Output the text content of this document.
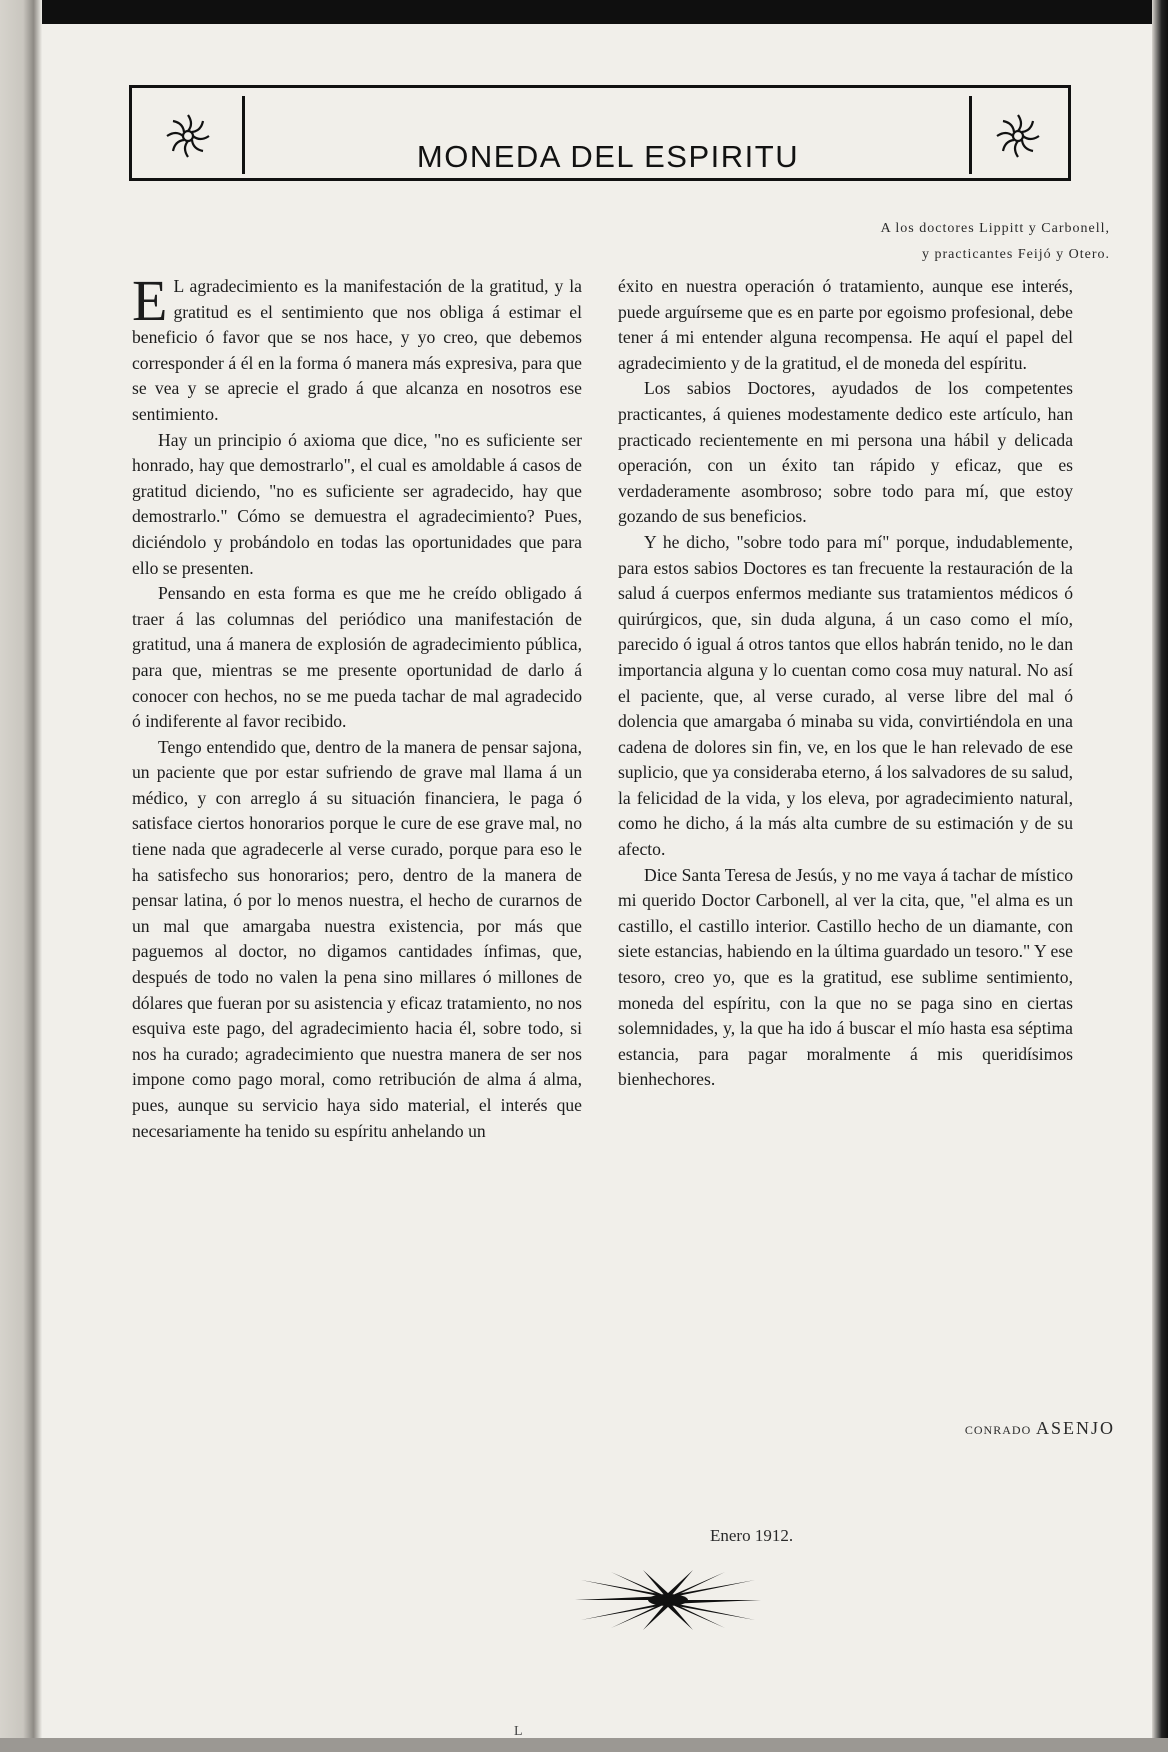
MONEDA DEL ESPIRITU
A los doctores Lippitt y Carbonell,
y practicantes Feijó y Otero.

E L agradecimiento es la manifestación de la gratitud, y la gratitud es el sentimiento que nos obliga á estimar el beneficio ó favor que se nos hace, y yo creo, que debemos corresponder á él en la forma ó manera más expresiva, para que se vea y se aprecie el grado á que alcanza en nosotros ese sentimiento.

Hay un principio ó axioma que dice, "no es suficiente ser honrado, hay que demostrarlo", el cual es amoldable á casos de gratitud diciendo, "no es suficiente ser agradecido, hay que demostrarlo." Cómo se demuestra el agradecimiento? Pues, diciéndolo y probándolo en todas las oportunidades que para ello se presenten.

Pensando en esta forma es que me he creído obligado á traer á las columnas del periódico una manifestación de gratitud, una á manera de explosión de agradecimiento pública, para que, mientras se me presente oportunidad de darlo á conocer con hechos, no se me pueda tachar de mal agradecido ó indiferente al favor recibido.

Tengo entendido que, dentro de la manera de pensar sajona, un paciente que por estar sufriendo de grave mal llama á un médico, y con arreglo á su situación financiera, le paga ó satisface ciertos honorarios porque le cure de ese grave mal, no tiene nada que agradecerle al verse curado, porque para eso le ha satisfecho sus honorarios; pero, dentro de la manera de pensar latina, ó por lo menos nuestra, el hecho de curarnos de un mal que amargaba nuestra existencia, por más que paguemos al doctor, no digamos cantidades ínfimas, que, después de todo no valen la pena sino millares ó millones de dólares que fueran por su asistencia y eficaz tratamiento, no nos esquiva este pago, del agradecimiento hacia él, sobre todo, si nos ha curado; agradecimiento que nuestra manera de ser nos impone como pago moral, como retribución de alma á alma, pues, aunque su servicio haya sido material, el interés que necesariamente ha tenido su espíritu anhelando un

éxito en nuestra operación ó tratamiento, aunque ese interés, puede arguírseme que es en parte por egoismo profesional, debe tener á mi entender alguna recompensa. He aquí el papel del agradecimiento y de la gratitud, el de moneda del espíritu.

Los sabios Doctores, ayudados de los competentes practicantes, á quienes modestamente dedico este artículo, han practicado recientemente en mi persona una hábil y delicada operación, con un éxito tan rápido y eficaz, que es verdaderamente asombroso; sobre todo para mí, que estoy gozando de sus beneficios.

Y he dicho, "sobre todo para mí" porque, indudablemente, para estos sabios Doctores es tan frecuente la restauración de la salud á cuerpos enfermos mediante sus tratamientos médicos ó quirúrgicos, que, sin duda alguna, á un caso como el mío, parecido ó igual á otros tantos que ellos habrán tenido, no le dan importancia alguna y lo cuentan como cosa muy natural. No así el paciente, que, al verse curado, al verse libre del mal ó dolencia que amargaba ó minaba su vida, convirtiéndola en una cadena de dolores sin fin, ve, en los que le han relevado de ese suplicio, que ya consideraba eterno, á los salvadores de su salud, la felicidad de la vida, y los eleva, por agradecimiento natural, como he dicho, á la más alta cumbre de su estimación y de su afecto.

Dice Santa Teresa de Jesús, y no me vaya á tachar de místico mi querido Doctor Carbonell, al ver la cita, que, "el alma es un castillo, el castillo interior. Castillo hecho de un diamante, con siete estancias, habiendo en la última guardado un tesoro." Y ese tesoro, creo yo, que es la gratitud, ese sublime sentimiento, moneda del espíritu, con la que no se paga sino en ciertas solemnidades, y, la que ha ido á buscar el mío hasta esa séptima estancia, para pagar moralmente á mis queridísimos bienhechores.

CONRADO ASENJO
Enero 1912.
L
